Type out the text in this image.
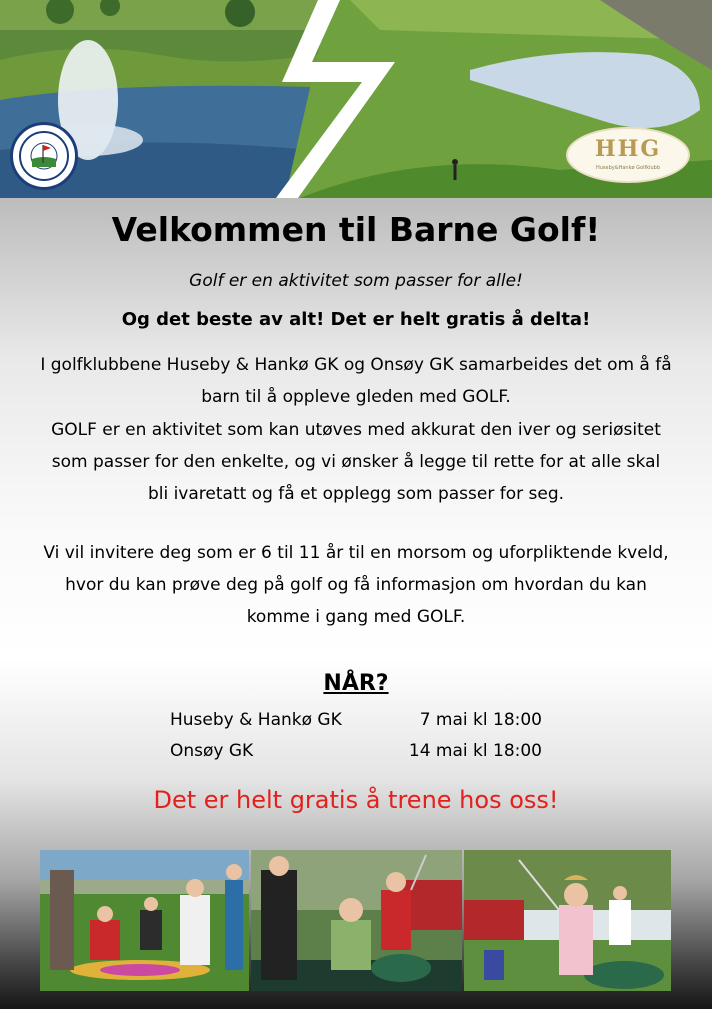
HHG
Huseby&Hankø Golfklubb
Velkommen til Barne Golf!

Golf er en aktivitet som passer for alle!

Og det beste av alt! Det er helt gratis å delta!

I golfklubbene Huseby & Hankø GK og Onsøy GK samarbeides det om å få barn til å oppleve gleden med GOLF.

GOLF er en aktivitet som kan utøves med akkurat den iver og seriøsitet som passer for den enkelte, og vi ønsker å legge til rette for at alle skal bli ivaretatt og få et opplegg som passer for seg.

Vi vil invitere deg som er 6 til 11 år til en morsom og uforpliktende kveld, hvor du kan prøve deg på golf og få informasjon om hvordan du kan komme i gang med GOLF.

NÅR?
Huseby & Hankø GK	7 mai kl 18:00
Onsøy GK	14 mai kl 18:00

Det er helt gratis å trene hos oss!
